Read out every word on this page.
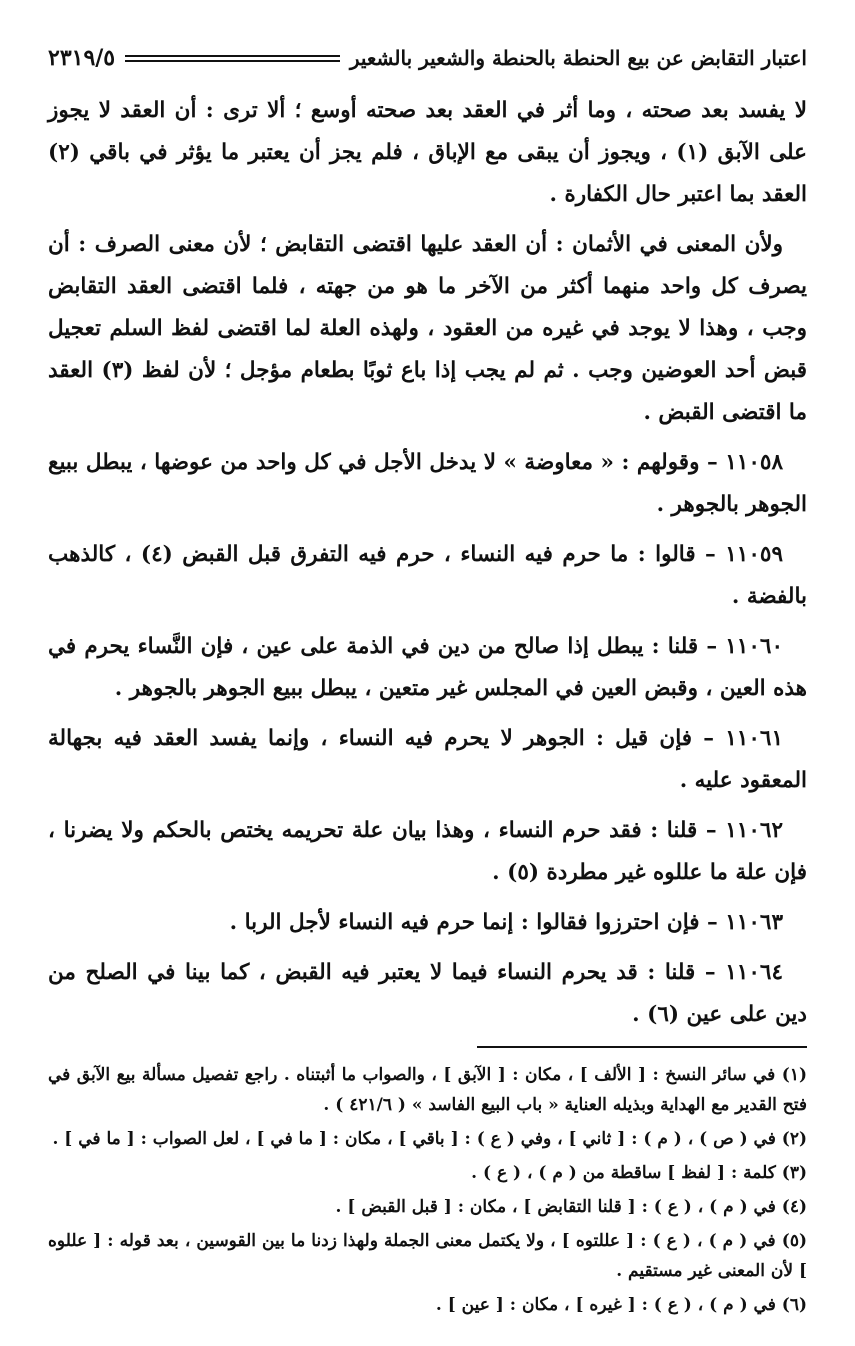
اعتبار التقابض عن بيع الحنطة بالحنطة والشعير بالشعير
٢٣١٩/٥

لا يفسد بعد صحته ، وما أثر في العقد بعد صحته أوسع ؛ ألا ترى : أن العقد لا يجوز على الآبق (١) ، ويجوز أن يبقى مع الإباق ، فلم يجز أن يعتبر ما يؤثر في باقي (٢) العقد بما اعتبر حال الكفارة .

ولأن المعنى في الأثمان : أن العقد عليها اقتضى التقابض ؛ لأن معنى الصرف : أن يصرف كل واحد منهما أكثر من الآخر ما هو من جهته ، فلما اقتضى العقد التقابض وجب ، وهذا لا يوجد في غيره من العقود ، ولهذه العلة لما اقتضى لفظ السلم تعجيل قبض أحد العوضين وجب . ثم لم يجب إذا باع ثوبًا بطعام مؤجل ؛ لأن لفظ (٣) العقد ما اقتضى القبض .

١١٠٥٨ – وقولهم : « معاوضة » لا يدخل الأجل في كل واحد من عوضها ، يبطل ببيع الجوهر بالجوهر .

١١٠٥٩ – قالوا : ما حرم فيه النساء ، حرم فيه التفرق قبل القبض (٤) ، كالذهب بالفضة .

١١٠٦٠ – قلنا : يبطل إذا صالح من دين في الذمة على عين ، فإن النَّساء يحرم في هذه العين ، وقبض العين في المجلس غير متعين ، يبطل ببيع الجوهر بالجوهر .

١١٠٦١ – فإن قيل : الجوهر لا يحرم فيه النساء ، وإنما يفسد العقد فيه بجهالة المعقود عليه .

١١٠٦٢ – قلنا : فقد حرم النساء ، وهذا بيان علة تحريمه يختص بالحكم ولا يضرنا ، فإن علة ما عللوه غير مطردة (٥) .

١١٠٦٣ – فإن احترزوا فقالوا : إنما حرم فيه النساء لأجل الربا .

١١٠٦٤ – قلنا : قد يحرم النساء فيما لا يعتبر فيه القبض ، كما بينا في الصلح من دين على عين (٦) .

(١) في سائر النسخ : [ الألف ] ، مكان : [ الآبق ] ، والصواب ما أثبتناه . راجع تفصيل مسألة بيع الآبق في فتح القدير مع الهداية وبذيله العناية « باب البيع الفاسد » ( ٤٢١/٦ ) .

(٢) في ( ص ) ، ( م ) : [ ثاني ] ، وفي ( ع ) : [ باقي ] ، مكان : [ ما في ] ، لعل الصواب : [ ما في ] .

(٣) كلمة : [ لفظ ] ساقطة من ( م ) ، ( ع ) .

(٤) في ( م ) ، ( ع ) : [ قلنا التقابض ] ، مكان : [ قبل القبض ] .

(٥) في ( م ) ، ( ع ) : [ عللتوه ] ، ولا يكتمل معنى الجملة ولهذا زدنا ما بين القوسين ، بعد قوله : [ عللوه ] لأن المعنى غير مستقيم .

(٦) في ( م ) ، ( ع ) : [ غيره ] ، مكان : [ عين ] .
